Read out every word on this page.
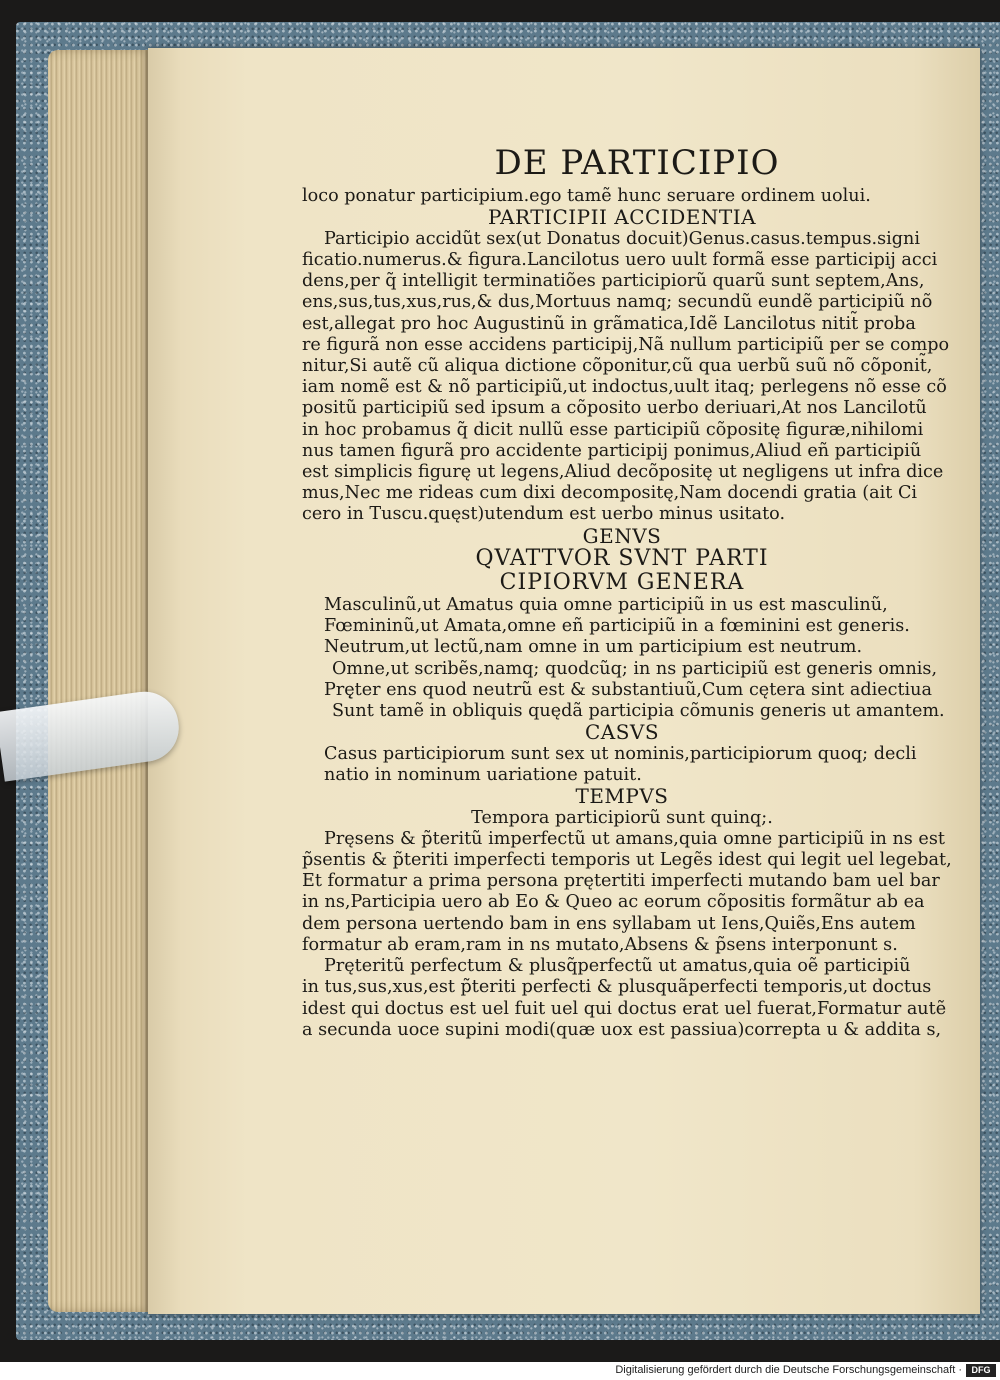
DE PARTICIPIO
loco ponatur participium.ego tamẽ hunc seruare ordinem uolui.
PARTICIPII ACCIDENTIA
Participio accidũt sex(ut Donatus docuit)Genus.casus.tempus.signi
ficatio.numerus.& figura.Lancilotus uero uult formã esse participij acci
dens,per q̃ intelligit terminatiões participiorũ quarũ sunt septem,Ans,
ens,sus,tus,xus,rus,& dus,Mortuus namq; secundũ eundẽ participiũ nõ
est,allegat pro hoc Augustinũ in grãmatica,Idẽ Lancilotus nitit̃ proba
re figurã non esse accidens participij,Nã nullum participiũ per se compo
nitur,Si autẽ cũ aliqua dictione cõponitur,cũ qua uerbũ suũ nõ cõponit̃,
iam nomẽ est & nõ participiũ,ut indoctus,uult itaq; perlegens nõ esse cõ
positũ participiũ sed ipsum a cõposito uerbo deriuari,At nos Lancilotũ
in hoc probamus q̃ dicit nullũ esse participiũ cõpositę figuræ,nihilomi
nus tamen figurã pro accidente participij ponimus,Aliud eñ participiũ
est simplicis figurę ut legens,Aliud decõpositę ut negligens ut infra dice
mus,Nec me rideas cum dixi decompositę,Nam docendi gratia (ait Ci
cero in Tuscu.quęst)utendum est uerbo minus usitato.
GENVS
QVATTVOR SVNT PARTI
CIPIORVM GENERA
Masculinũ,ut Amatus quia omne participiũ in us est masculinũ,
Fœmininũ,ut Amata,omne eñ participiũ in a fœminini est generis.
Neutrum,ut lectũ,nam omne in um participium est neutrum.
Omne,ut scribẽs,namq; quodcũq; in ns participiũ est generis omnis,
Prę̨ter ens quod neutrũ est & substantiuũ,Cum cętera sint adiectiua
Sunt tamẽ in obliquis quędã participia cõmunis generis ut amantem.
CASVS
Casus participiorum sunt sex ut nominis,participiorum quoq; decli
natio in nominum uariatione patuit.
TEMPVS
Tempora participiorũ sunt quinq;.
Pręsens & p̃teritũ imperfectũ ut amans,quia omne participiũ in ns est
p̃sentis & p̃teriti imperfecti temporis ut Legẽs idest qui legit uel legebat,
Et formatur a prima persona prętertiti imperfecti mutando bam uel bar
in ns,Participia uero ab Eo & Queo ac eorum cõpositis formãtur ab ea
dem persona uertendo bam in ens syllabam ut Iens,Quiẽs,Ens autem
formatur ab eram,ram in ns mutato,Absens & p̃sens interponunt s.
Pręteritũ perfectum & plusq̃perfectũ ut amatus,quia oẽ participiũ
in tus,sus,xus,est p̃teriti perfecti & plusquãperfecti temporis,ut doctus
idest qui doctus est uel fuit uel qui doctus erat uel fuerat,Formatur autẽ
a secunda uoce supini modi(quæ uox est passiua)correpta u & addita s,
Digitalisierung gefördert durch die Deutsche Forschungsgemeinschaft ·	DFG
